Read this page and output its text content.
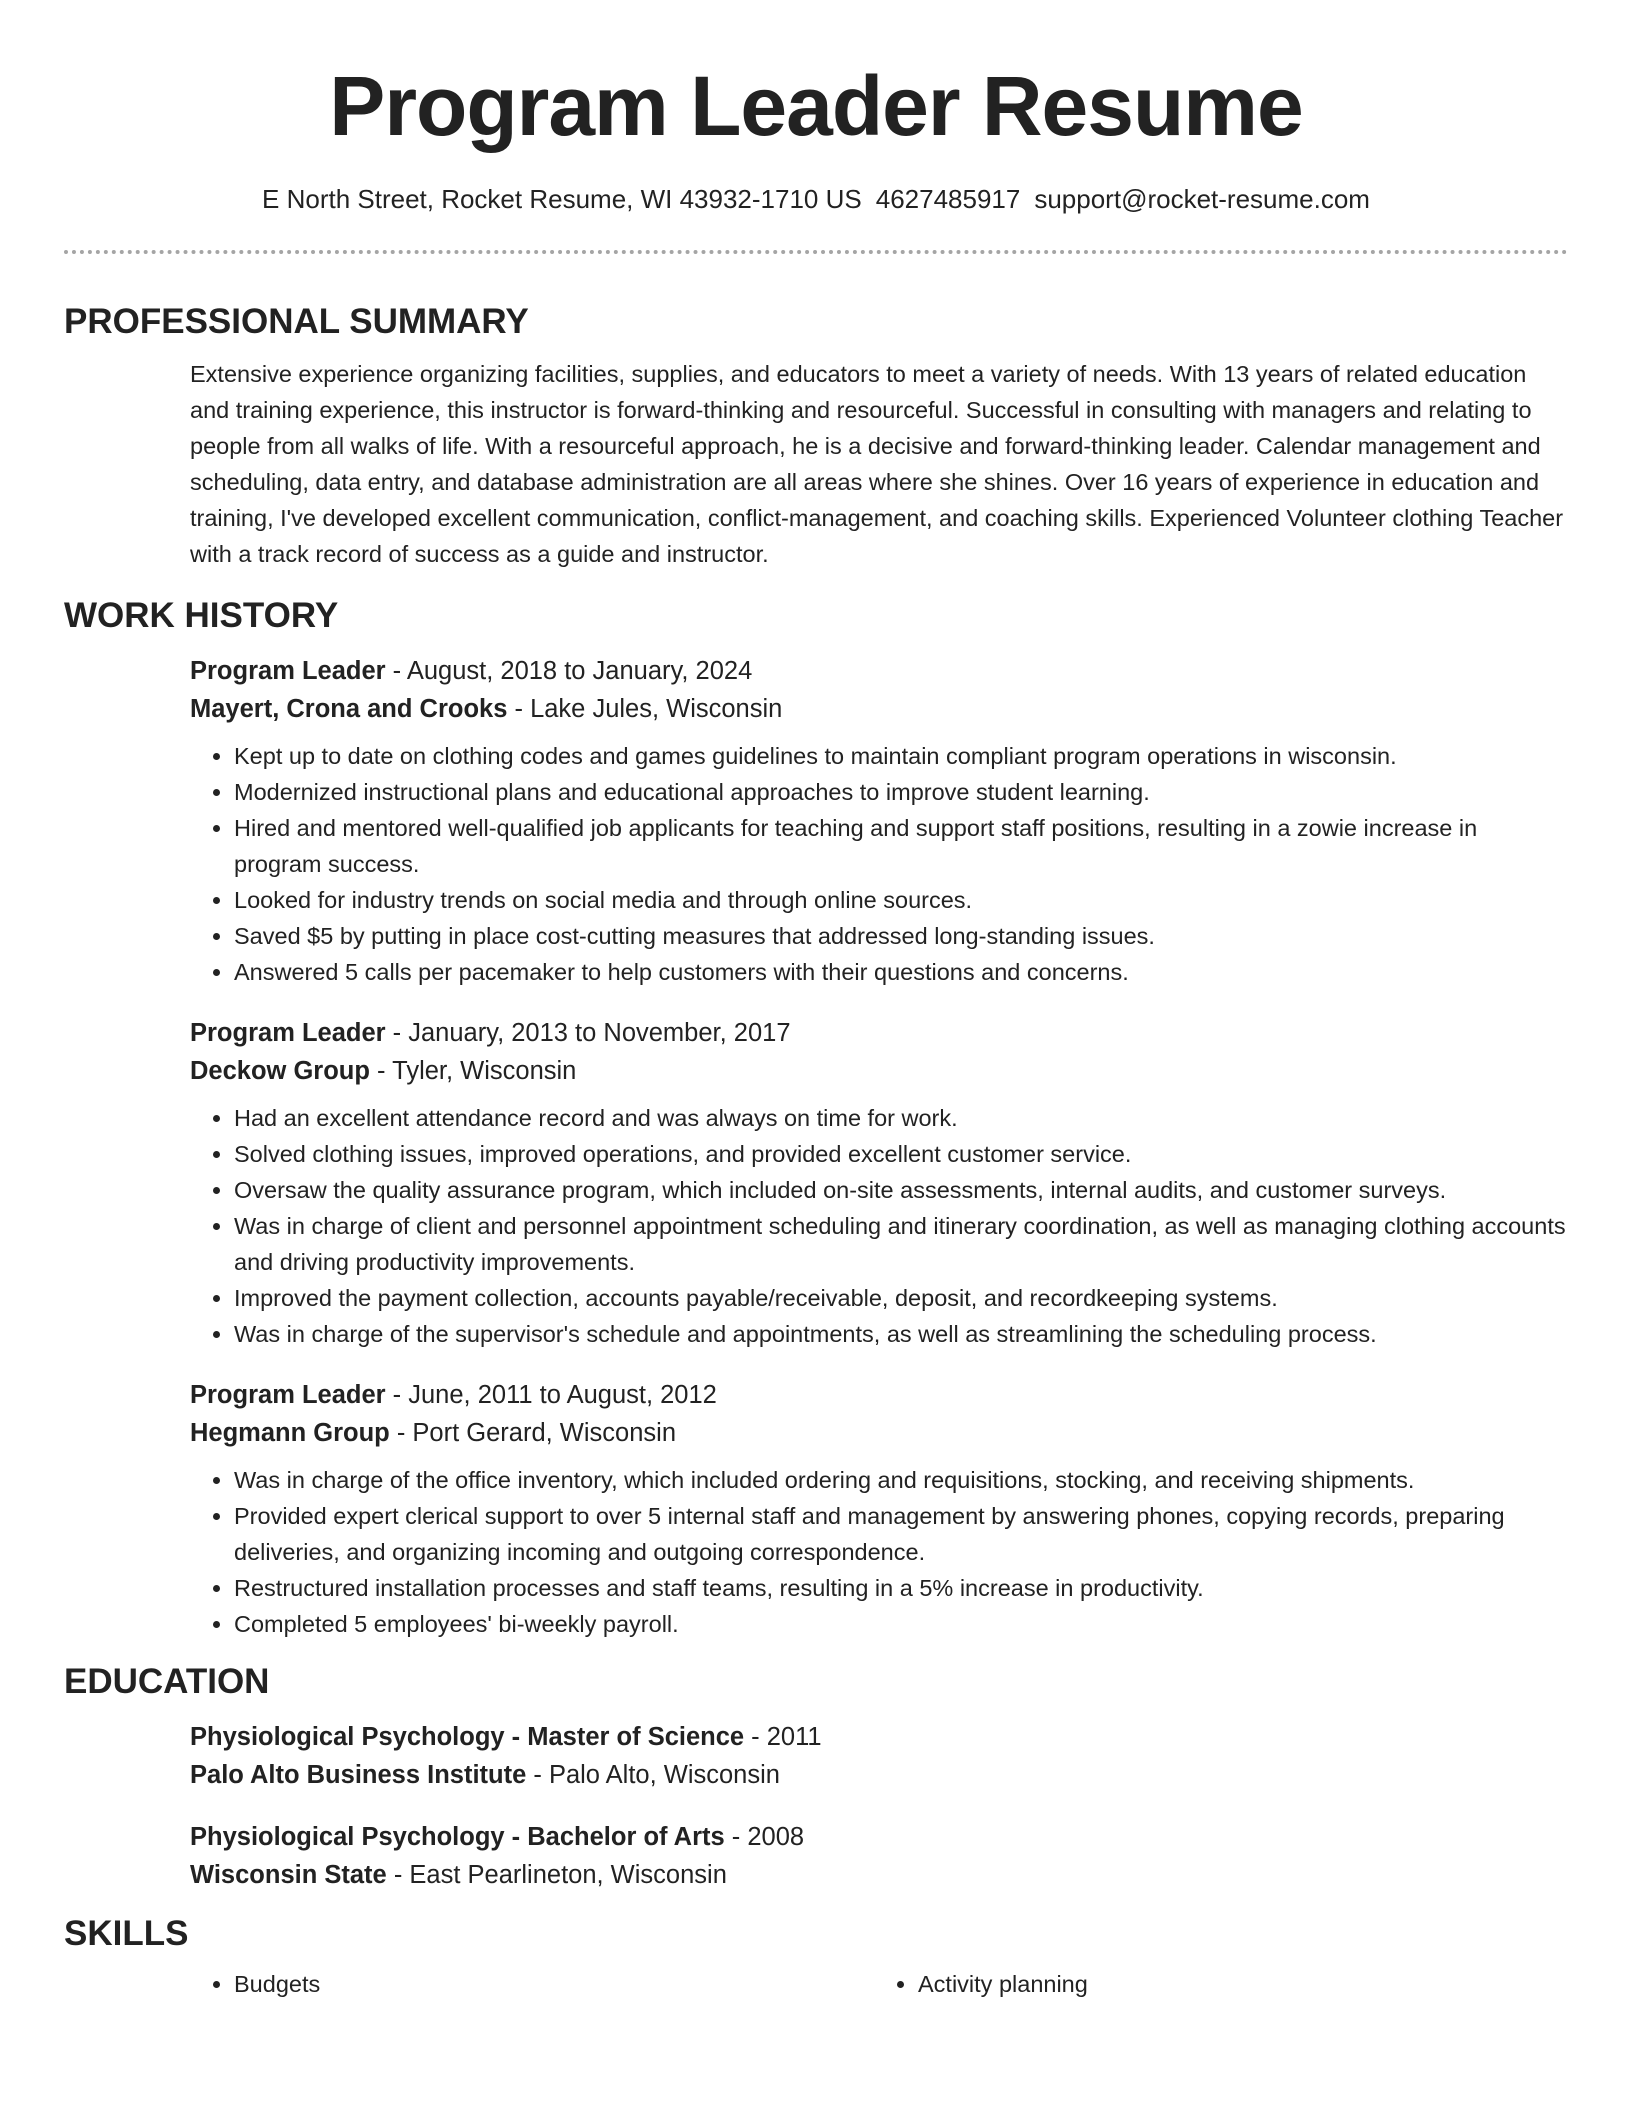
Program Leader Resume
E North Street, Rocket Resume, WI 43932-1710 US 4627485917 support@rocket-resume.com
PROFESSIONAL SUMMARY

Extensive experience organizing facilities, supplies, and educators to meet a variety of needs. With 13 years of related education and training experience, this instructor is forward-thinking and resourceful. Successful in consulting with managers and relating to people from all walks of life. With a resourceful approach, he is a decisive and forward-thinking leader. Calendar management and scheduling, data entry, and database administration are all areas where she shines. Over 16 years of experience in education and training, I've developed excellent communication, conflict-management, and coaching skills. Experienced Volunteer clothing Teacher with a track record of success as a guide and instructor.

WORK HISTORY
Program Leader - August, 2018 to January, 2024
Mayert, Crona and Crooks - Lake Jules, Wisconsin
• Kept up to date on clothing codes and games guidelines to maintain compliant program operations in wisconsin.
• Modernized instructional plans and educational approaches to improve student learning.
• Hired and mentored well-qualified job applicants for teaching and support staff positions, resulting in a zowie increase in program success.
• Looked for industry trends on social media and through online sources.
• Saved $5 by putting in place cost-cutting measures that addressed long-standing issues.
• Answered 5 calls per pacemaker to help customers with their questions and concerns.
Program Leader - January, 2013 to November, 2017
Deckow Group - Tyler, Wisconsin
• Had an excellent attendance record and was always on time for work.
• Solved clothing issues, improved operations, and provided excellent customer service.
• Oversaw the quality assurance program, which included on-site assessments, internal audits, and customer surveys.
• Was in charge of client and personnel appointment scheduling and itinerary coordination, as well as managing clothing accounts and driving productivity improvements.
• Improved the payment collection, accounts payable/receivable, deposit, and recordkeeping systems.
• Was in charge of the supervisor's schedule and appointments, as well as streamlining the scheduling process.
Program Leader - June, 2011 to August, 2012
Hegmann Group - Port Gerard, Wisconsin
• Was in charge of the office inventory, which included ordering and requisitions, stocking, and receiving shipments.
• Provided expert clerical support to over 5 internal staff and management by answering phones, copying records, preparing deliveries, and organizing incoming and outgoing correspondence.
• Restructured installation processes and staff teams, resulting in a 5% increase in productivity.
• Completed 5 employees' bi-weekly payroll.
EDUCATION
Physiological Psychology - Master of Science - 2011
Palo Alto Business Institute - Palo Alto, Wisconsin
Physiological Psychology - Bachelor of Arts - 2008
Wisconsin State - East Pearlineton, Wisconsin
SKILLS
• Budgets
•	Activity planning
